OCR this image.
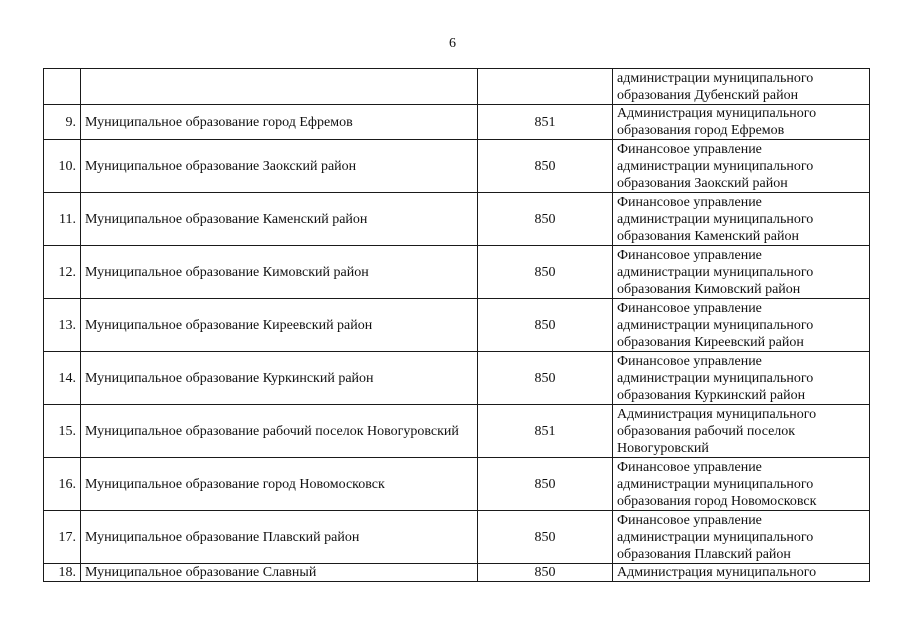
6

			администрации муниципального
образования Дубенский район

9.	Муниципальное образование город Ефремов	851	Администрация муниципального
образования город Ефремов

10.	Муниципальное образование Заокский район	850	Финансовое управление
администрации муниципального
образования Заокский район

11.	Муниципальное образование Каменский район	850	Финансовое управление
администрации муниципального
образования Каменский район

12.	Муниципальное образование Кимовский район	850	Финансовое управление
администрации муниципального
образования Кимовский район

13.	Муниципальное образование Киреевский район	850	Финансовое управление
администрации муниципального
образования Киреевский район

14.	Муниципальное образование Куркинский район	850	Финансовое управление
администрации муниципального
образования Куркинский район

15.	Муниципальное образование рабочий поселок Новогуровский	851	Администрация муниципального
образования рабочий поселок
Новогуровский

16.	Муниципальное образование город Новомосковск	850	Финансовое управление
администрации муниципального
образования город Новомосковск

17.	Муниципальное образование Плавский район	850	Финансовое управление
администрации муниципального
образования Плавский район

18.	Муниципальное образование Славный	850	Администрация муниципального
